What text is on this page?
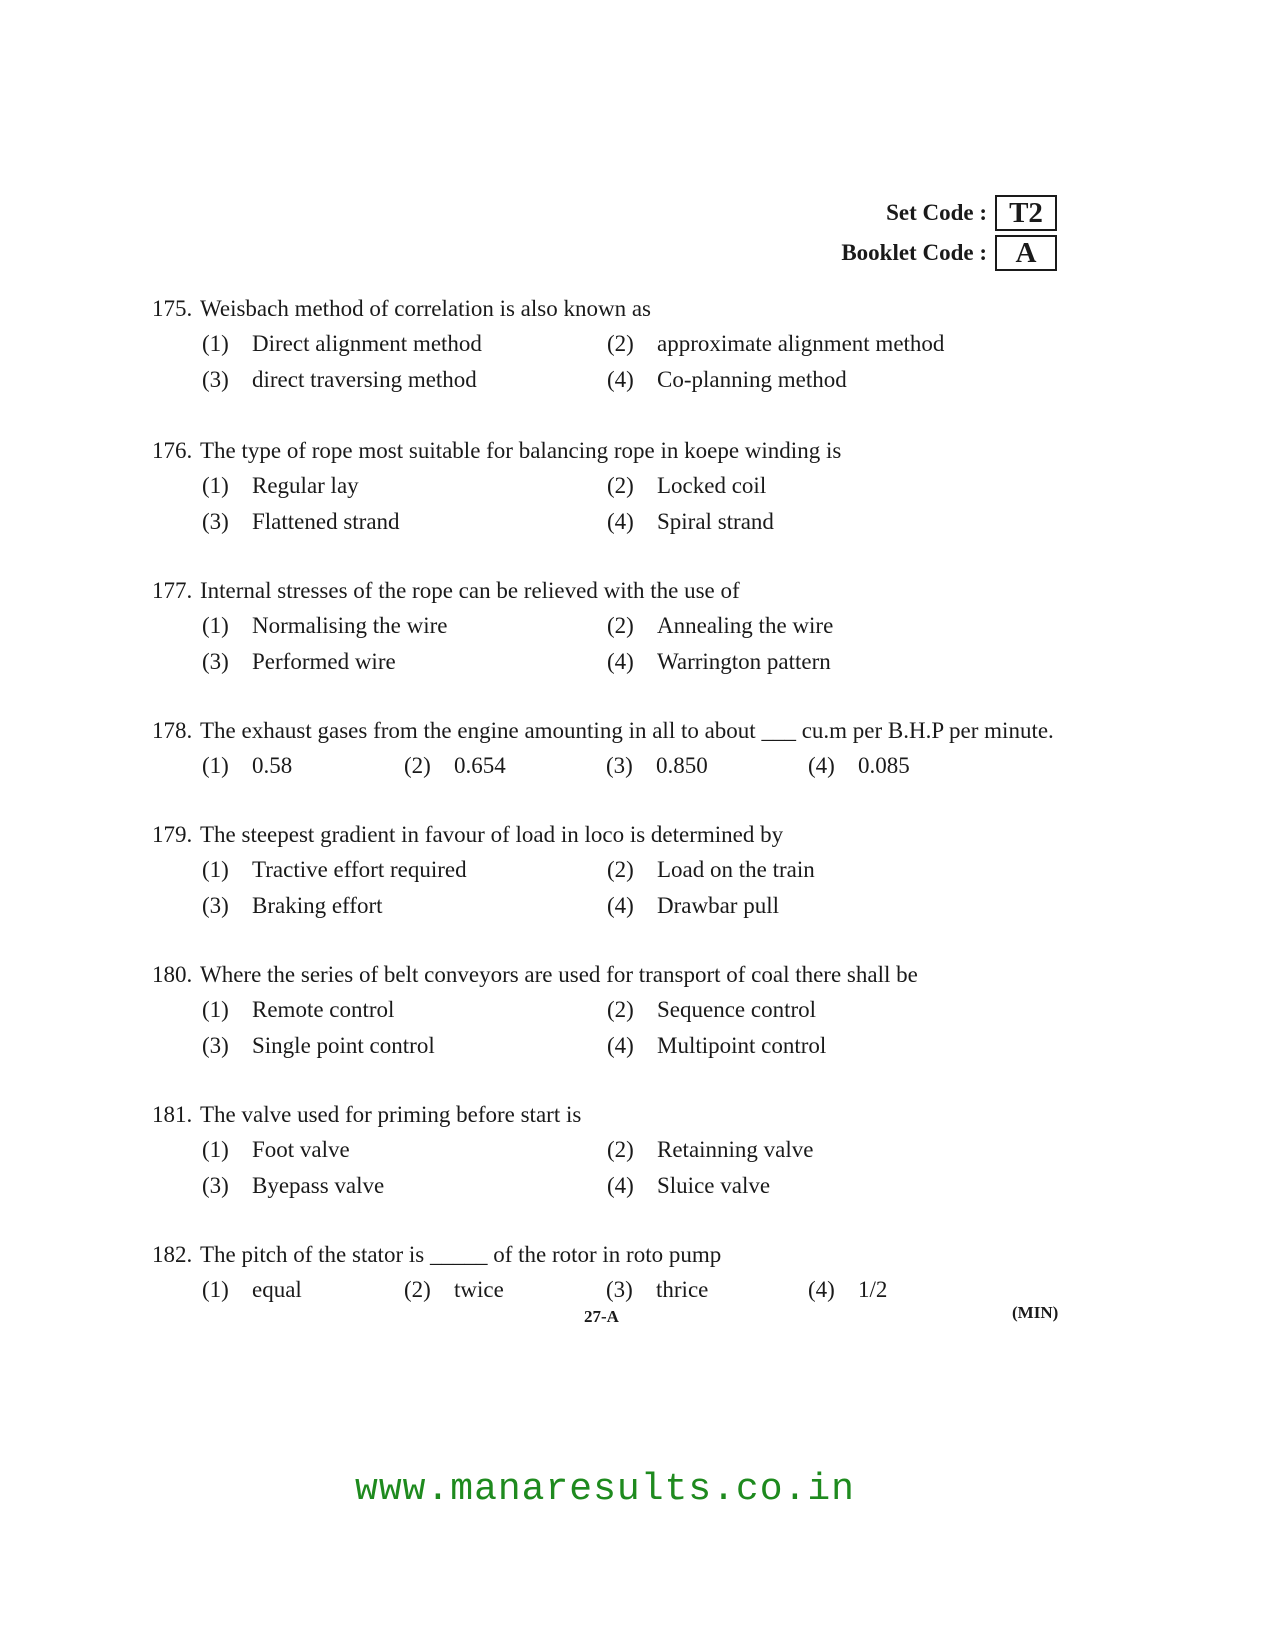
Set Code : T2
Booklet Code : A
175. Weisbach method of correlation is also known as
(1)	Direct alignment method	(2)	approximate alignment method
(3)	direct traversing method	(4)	Co-planning method
176. The type of rope most suitable for balancing rope in koepe winding is
(1)	Regular lay	(2)	Locked coil
(3)	Flattened strand	(4)	Spiral strand
177. Internal stresses of the rope can be relieved with the use of
(1)	Normalising the wire	(2)	Annealing the wire
(3)	Performed wire	(4)	Warrington pattern
178. The exhaust gases from the engine amounting in all to about ___ cu.m per B.H.P per minute.
(1)	0.58	(2)	0.654	(3)	0.850	(4)	0.085
179. The steepest gradient in favour of load in loco is determined by
(1)	Tractive effort required	(2)	Load on the train
(3)	Braking effort	(4)	Drawbar pull
180. Where the series of belt conveyors are used for transport of coal there shall be
(1)	Remote control	(2)	Sequence control
(3)	Single point control	(4)	Multipoint control
181. The valve used for priming before start is
(1)	Foot valve	(2)	Retainning valve
(3)	Byepass valve	(4)	Sluice valve
182. The pitch of the stator is _____ of the rotor in roto pump
(1)	equal	(2)	twice	(3)	thrice	(4)	1/2
27-A	(MIN)
www.manaresults.co.in
